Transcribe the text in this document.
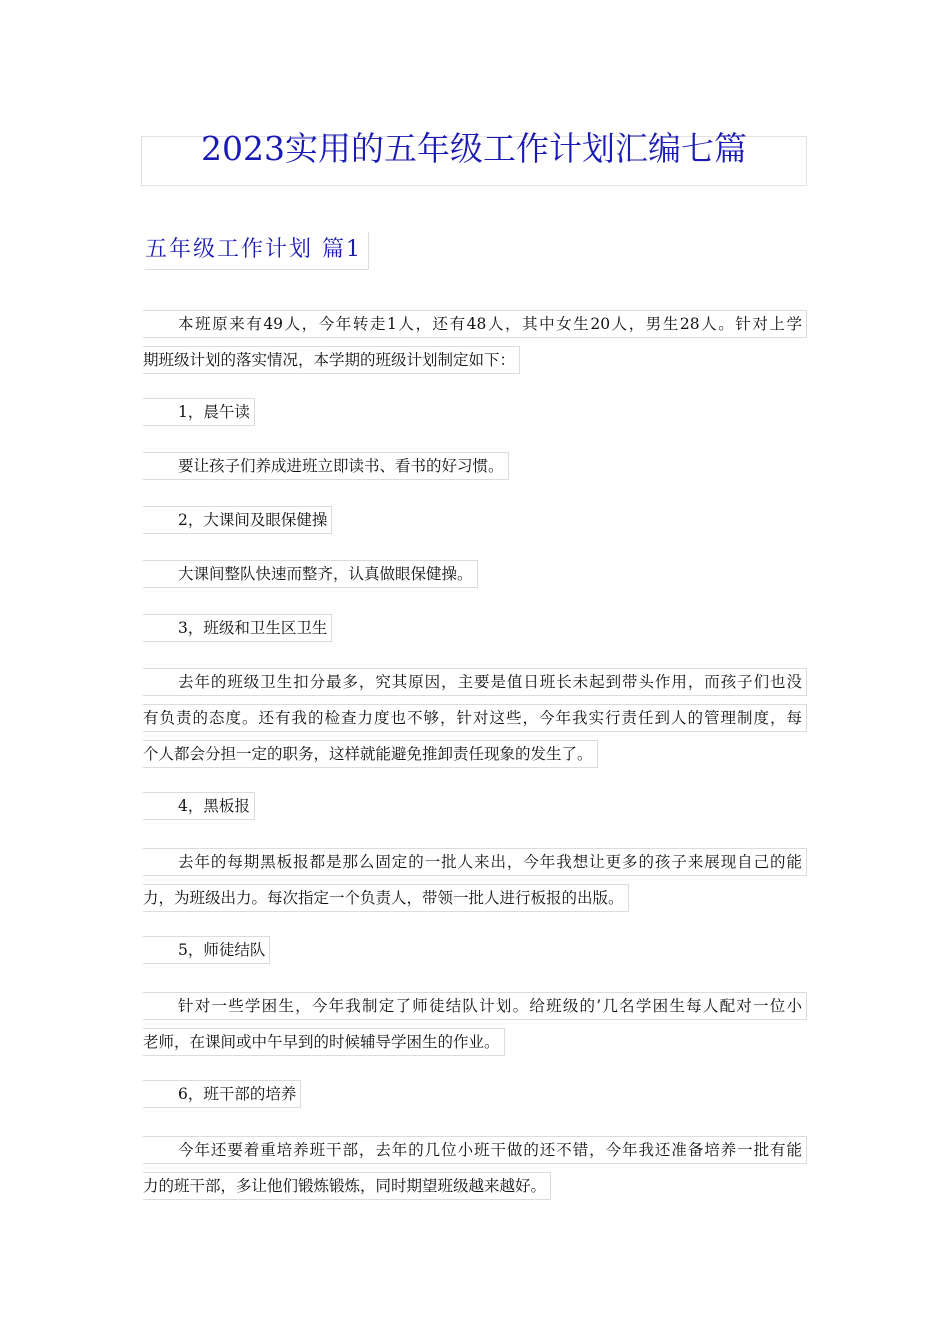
2023实用的五年级工作计划汇编七篇
五年级工作计划 篇1
本班原来有49人，今年转走1人，还有48人，其中女生20人，男生28人。针对上学
期班级计划的落实情况，本学期的班级计划制定如下：
1，晨午读
要让孩子们养成进班立即读书、看书的好习惯。
2，大课间及眼保健操
大课间整队快速而整齐，认真做眼保健操。
3，班级和卫生区卫生
去年的班级卫生扣分最多，究其原因，主要是值日班长未起到带头作用，而孩子们也没
有负责的态度。还有我的检查力度也不够，针对这些，今年我实行责任到人的管理制度，每
个人都会分担一定的职务，这样就能避免推卸责任现象的发生了。
4，黑板报
去年的每期黑板报都是那么固定的一批人来出，今年我想让更多的孩子来展现自己的能
力，为班级出力。每次指定一个负责人，带领一批人进行板报的出版。
5，师徒结队
针对一些学困生，今年我制定了师徒结队计划。给班级的’几名学困生每人配对一位小
老师，在课间或中午早到的时候辅导学困生的作业。
6，班干部的培养
今年还要着重培养班干部，去年的几位小班干做的还不错，今年我还准备培养一批有能
力的班干部，多让他们锻炼锻炼，同时期望班级越来越好。
